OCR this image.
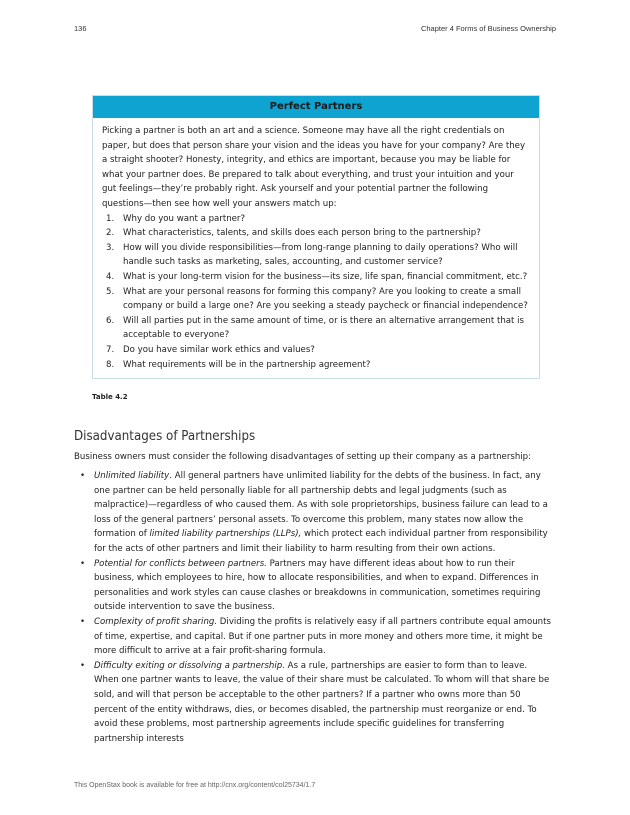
136	Chapter 4 Forms of Business Ownership
Perfect Partners

Picking a partner is both an art and a science. Someone may have all the right credentials on paper, but does that person share your vision and the ideas you have for your company? Are they a straight shooter? Honesty, integrity, and ethics are important, because you may be liable for what your partner does. Be prepared to talk about everything, and trust your intuition and your gut feelings—they’re probably right. Ask yourself and your potential partner the following questions—then see how well your answers match up:

1. Why do you want a partner?
2. What characteristics, talents, and skills does each person bring to the partnership?
3. How will you divide responsibilities—from long-range planning to daily operations? Who will handle such tasks as marketing, sales, accounting, and customer service?
4. What is your long-term vision for the business—its size, life span, financial commitment, etc.?
5. What are your personal reasons for forming this company? Are you looking to create a small company or build a large one? Are you seeking a steady paycheck or financial independence?
6. Will all parties put in the same amount of time, or is there an alternative arrangement that is acceptable to everyone?
7. Do you have similar work ethics and values?
8. What requirements will be in the partnership agreement?
Table 4.2
Disadvantages of Partnerships

Business owners must consider the following disadvantages of setting up their company as a partnership:

• Unlimited liability. All general partners have unlimited liability for the debts of the business. In fact, any one partner can be held personally liable for all partnership debts and legal judgments (such as malpractice)—regardless of who caused them. As with sole proprietorships, business failure can lead to a loss of the general partners’ personal assets. To overcome this problem, many states now allow the formation of limited liability partnerships (LLPs), which protect each individual partner from responsibility for the acts of other partners and limit their liability to harm resulting from their own actions.
• Potential for conflicts between partners. Partners may have different ideas about how to run their business, which employees to hire, how to allocate responsibilities, and when to expand. Differences in personalities and work styles can cause clashes or breakdowns in communication, sometimes requiring outside intervention to save the business.
• Complexity of profit sharing. Dividing the profits is relatively easy if all partners contribute equal amounts of time, expertise, and capital. But if one partner puts in more money and others more time, it might be more difficult to arrive at a fair profit-sharing formula.
• Difficulty exiting or dissolving a partnership. As a rule, partnerships are easier to form than to leave. When one partner wants to leave, the value of their share must be calculated. To whom will that share be sold, and will that person be acceptable to the other partners? If a partner who owns more than 50 percent of the entity withdraws, dies, or becomes disabled, the partnership must reorganize or end. To avoid these problems, most partnership agreements include specific guidelines for transferring partnership interests
This OpenStax book is available for free at http://cnx.org/content/col25734/1.7
